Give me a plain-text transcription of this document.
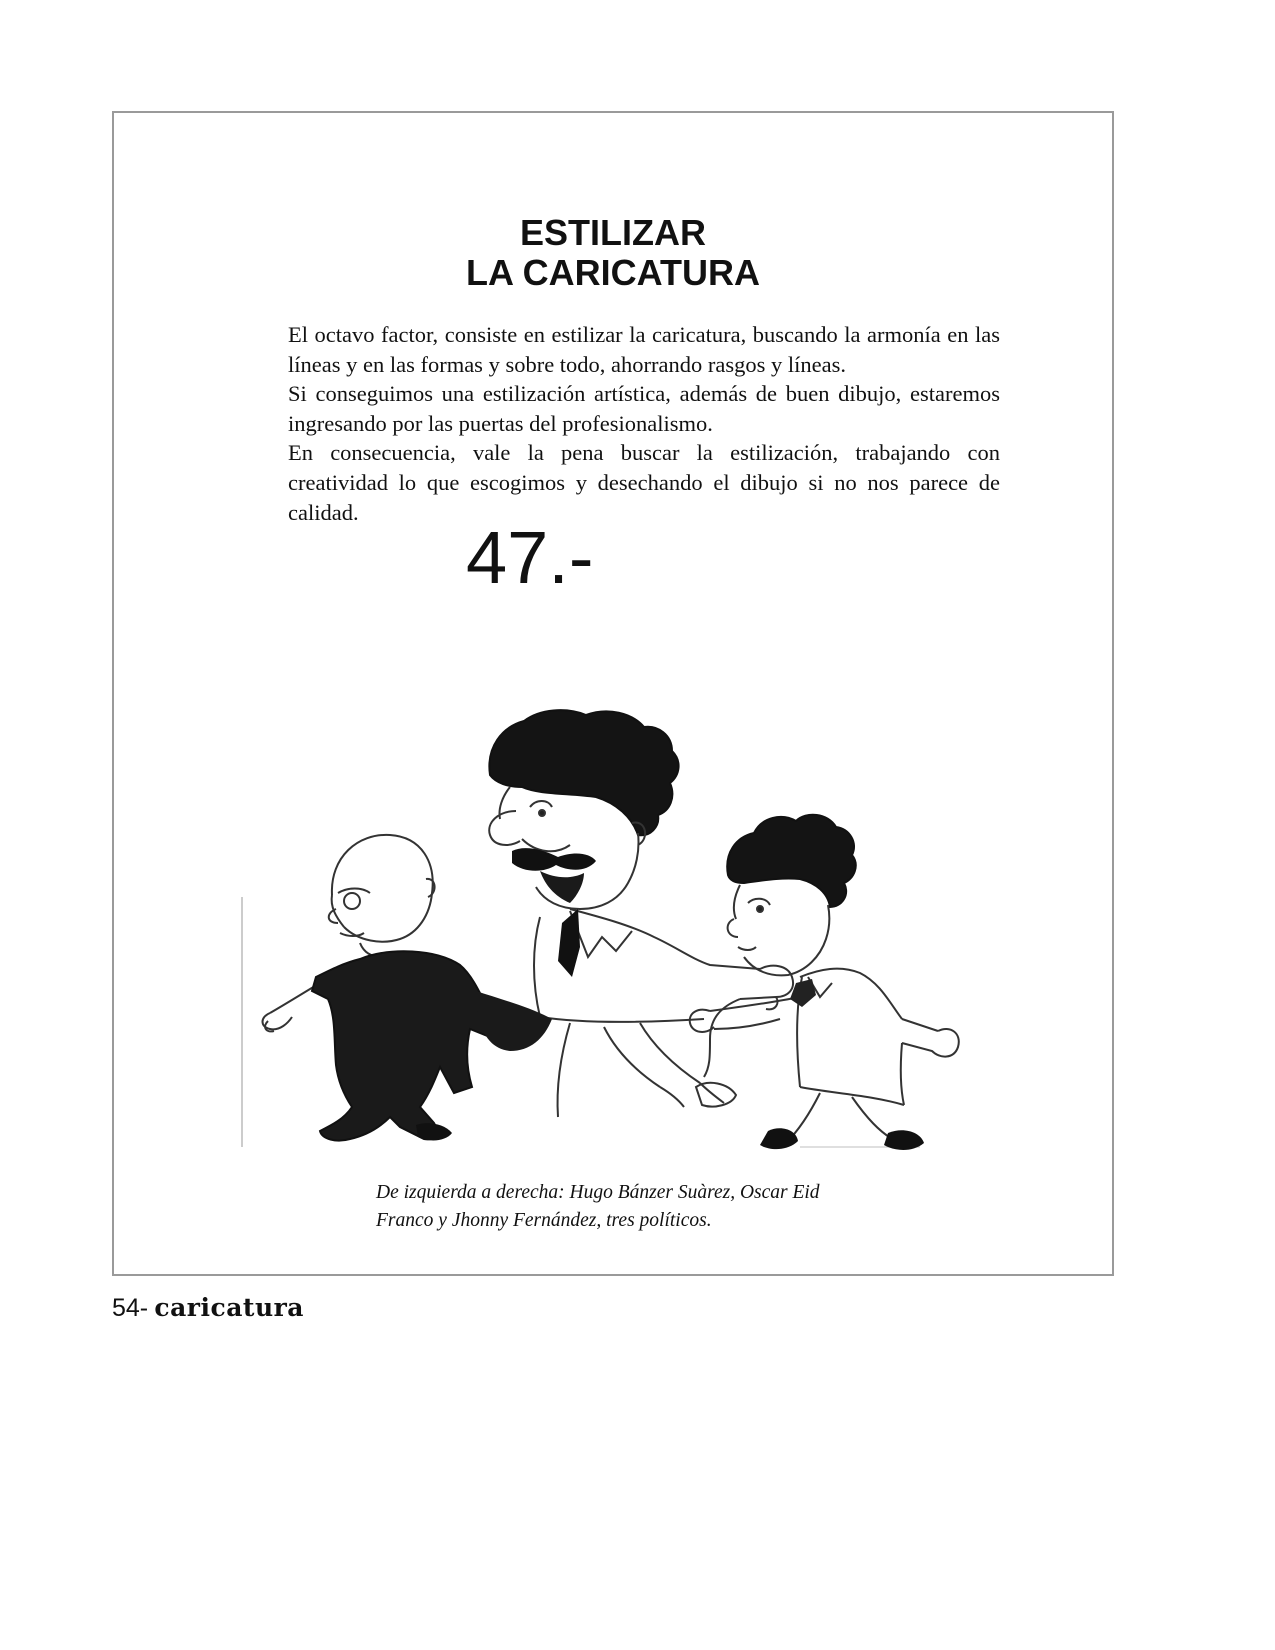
ESTILIZAR
LA CARICATURA

El octavo factor, consiste en estilizar la caricatura, buscando la armonía en las líneas y en las formas y sobre todo, ahorrando rasgos y líneas.

Si conseguimos una estilización artística, además de buen dibujo, estaremos ingresando por las puertas del profesionalismo.

En consecuencia, vale la pena buscar la estilización, trabajando con creatividad lo que escogimos y desechando el dibujo si no nos parece de calidad.

47.-

De izquierda a derecha: Hugo Bánzer Suàrez, Oscar Eid

Franco y Jhonny Fernández, tres políticos.

54- caricatura
